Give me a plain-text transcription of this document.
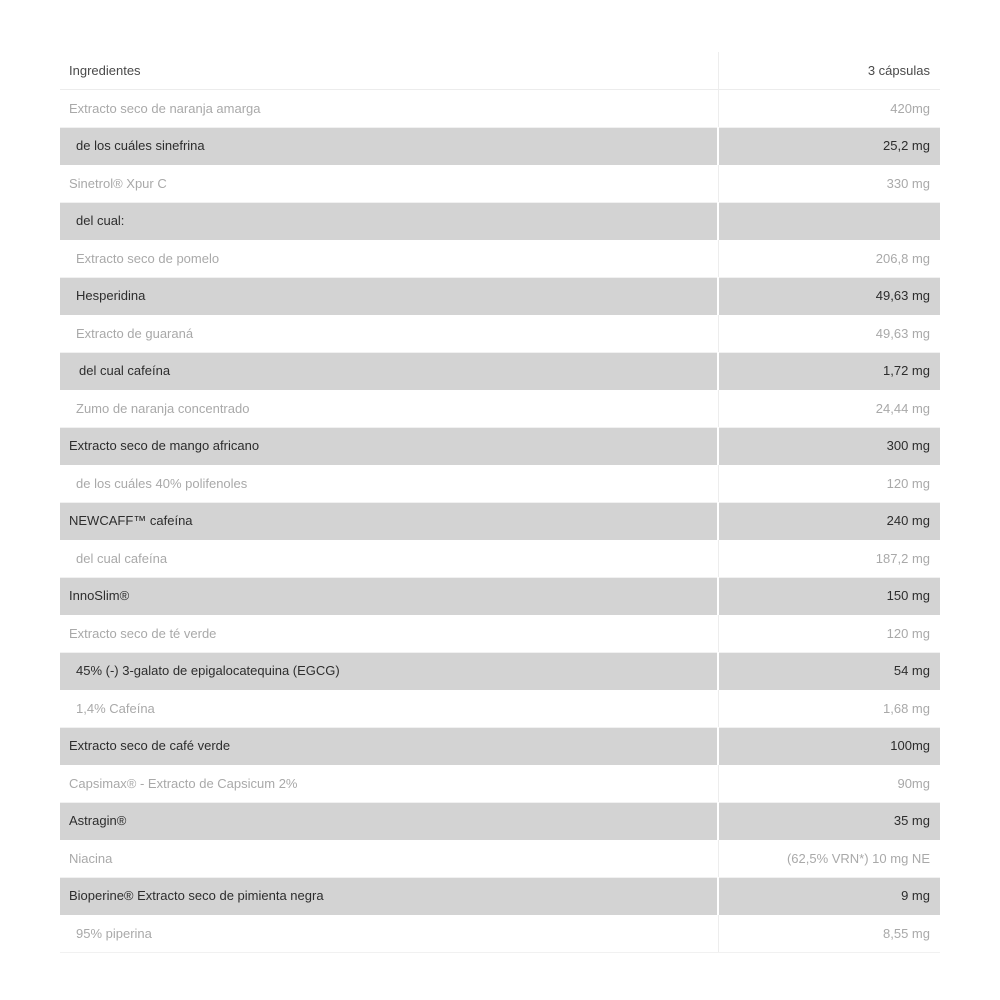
Ingredientes	3 cápsulas
Extracto seco de naranja amarga	420mg
de los cuáles sinefrina	25,2 mg
Sinetrol® Xpur C	330 mg
del cual:	
Extracto seco de pomelo	206,8 mg
Hesperidina	49,63 mg
Extracto de guaraná	49,63 mg
del cual cafeína	1,72 mg
Zumo de naranja concentrado	24,44 mg
Extracto seco de mango africano	300 mg
de los cuáles 40% polifenoles	120 mg
NEWCAFF™ cafeína	240 mg
del cual cafeína	187,2 mg
InnoSlim®	150 mg
Extracto seco de té verde	120 mg
45% (-) 3-galato de epigalocatequina (EGCG)	54 mg
1,4% Cafeína	1,68 mg
Extracto seco de café verde	100mg
Capsimax® - Extracto de Capsicum 2%	90mg
Astragin®	35 mg
Niacina	(62,5% VRN*) 10 mg NE
Bioperine® Extracto seco de pimienta negra	9 mg
95% piperina	8,55 mg
